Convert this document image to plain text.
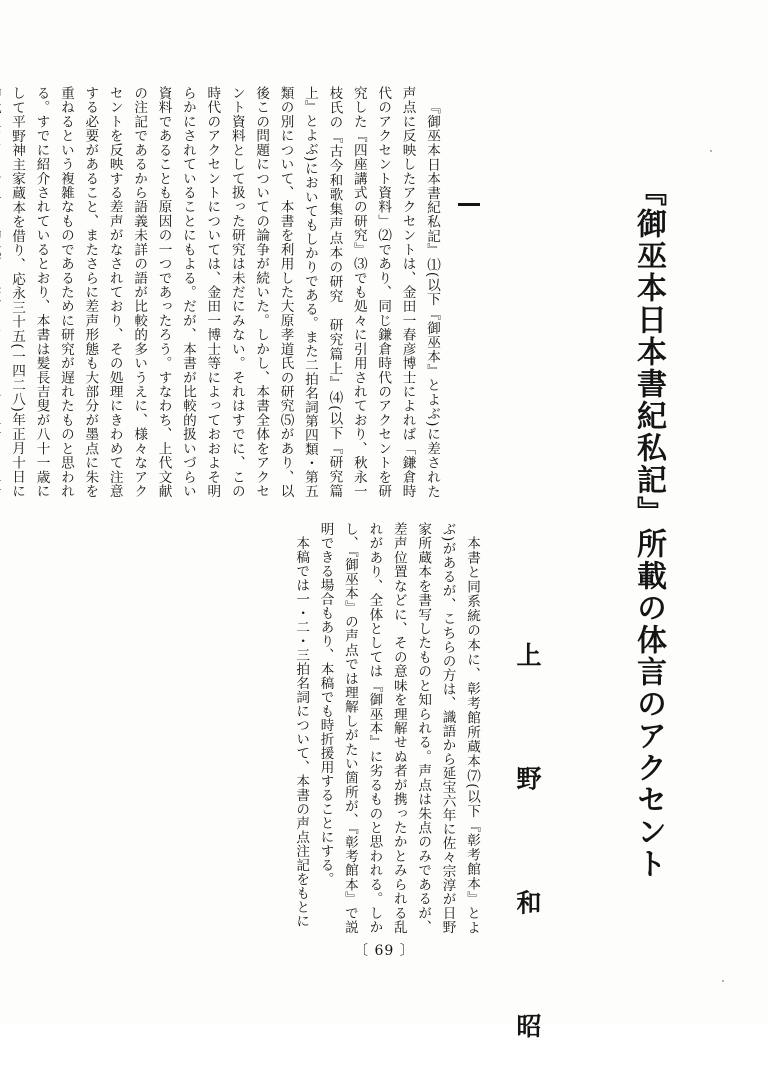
『御巫本日本書紀私記』所載の体言のアクセント
上 野 和 昭

『御巫本日本書紀私記』⑴(以下『御巫本』とよぶ)に差された声点に反映したアクセントは、金田一春彦博士によれば「鎌倉時代のアクセント資料」⑵であり、同じ鎌倉時代のアクセントを研究した『四座講式の研究』⑶でも処々に引用されており、秋永一枝氏の『古今和歌集声点本の研究　研究篇上』⑷(以下『研究篇上』とよぶ)においてもしかりである。また二拍名詞第四類・第五類の別について、本書を利用した大原孝道氏の研究⑸があり、以後この問題についての論争が続いた。しかし、本書全体をアクセント資料として扱った研究は未だにみない。それはすでに、この時代のアクセントについては、金田一博士等によっておおよそ明らかにされていることにもよる。だが、本書が比較的扱いづらい資料であることも原因の一つであったろう。すなわち、上代文献の注記であるから語義未詳の語が比較的多いうえに、様々なアクセントを反映する差声がなされており、その処理にきわめて注意する必要があること、またさらに差声形態も大部分が墨点に朱を重ねるという複雑なものであるために研究が遅れたものと思われる。すでに紹介されているとおり、本書は髪長吉叟が八十一歳にして平野神主家蔵本を借り、応永三十五(一四二八)年正月十日に

本書と同系統の本に、彰考館所蔵本⑺(以下『彰考館本』とよぶ)があるが、こちらの方は、識語から延宝六年に佐々宗淳が日野家所蔵本を書写したものと知られる。声点は朱点のみであるが、差声位置などに、その意味を理解せぬ者が携ったかとみられる乱れがあり、全体としては『御巫本』に劣るものと思われる。しかし、『御巫本』の声点では理解しがたい箇所が、『彰考館本』で説明できる場合もあり、本稿でも時折援用することにする。

本稿では一・二・三拍名詞について、本書の声点注記をもとに

〔 69 〕
